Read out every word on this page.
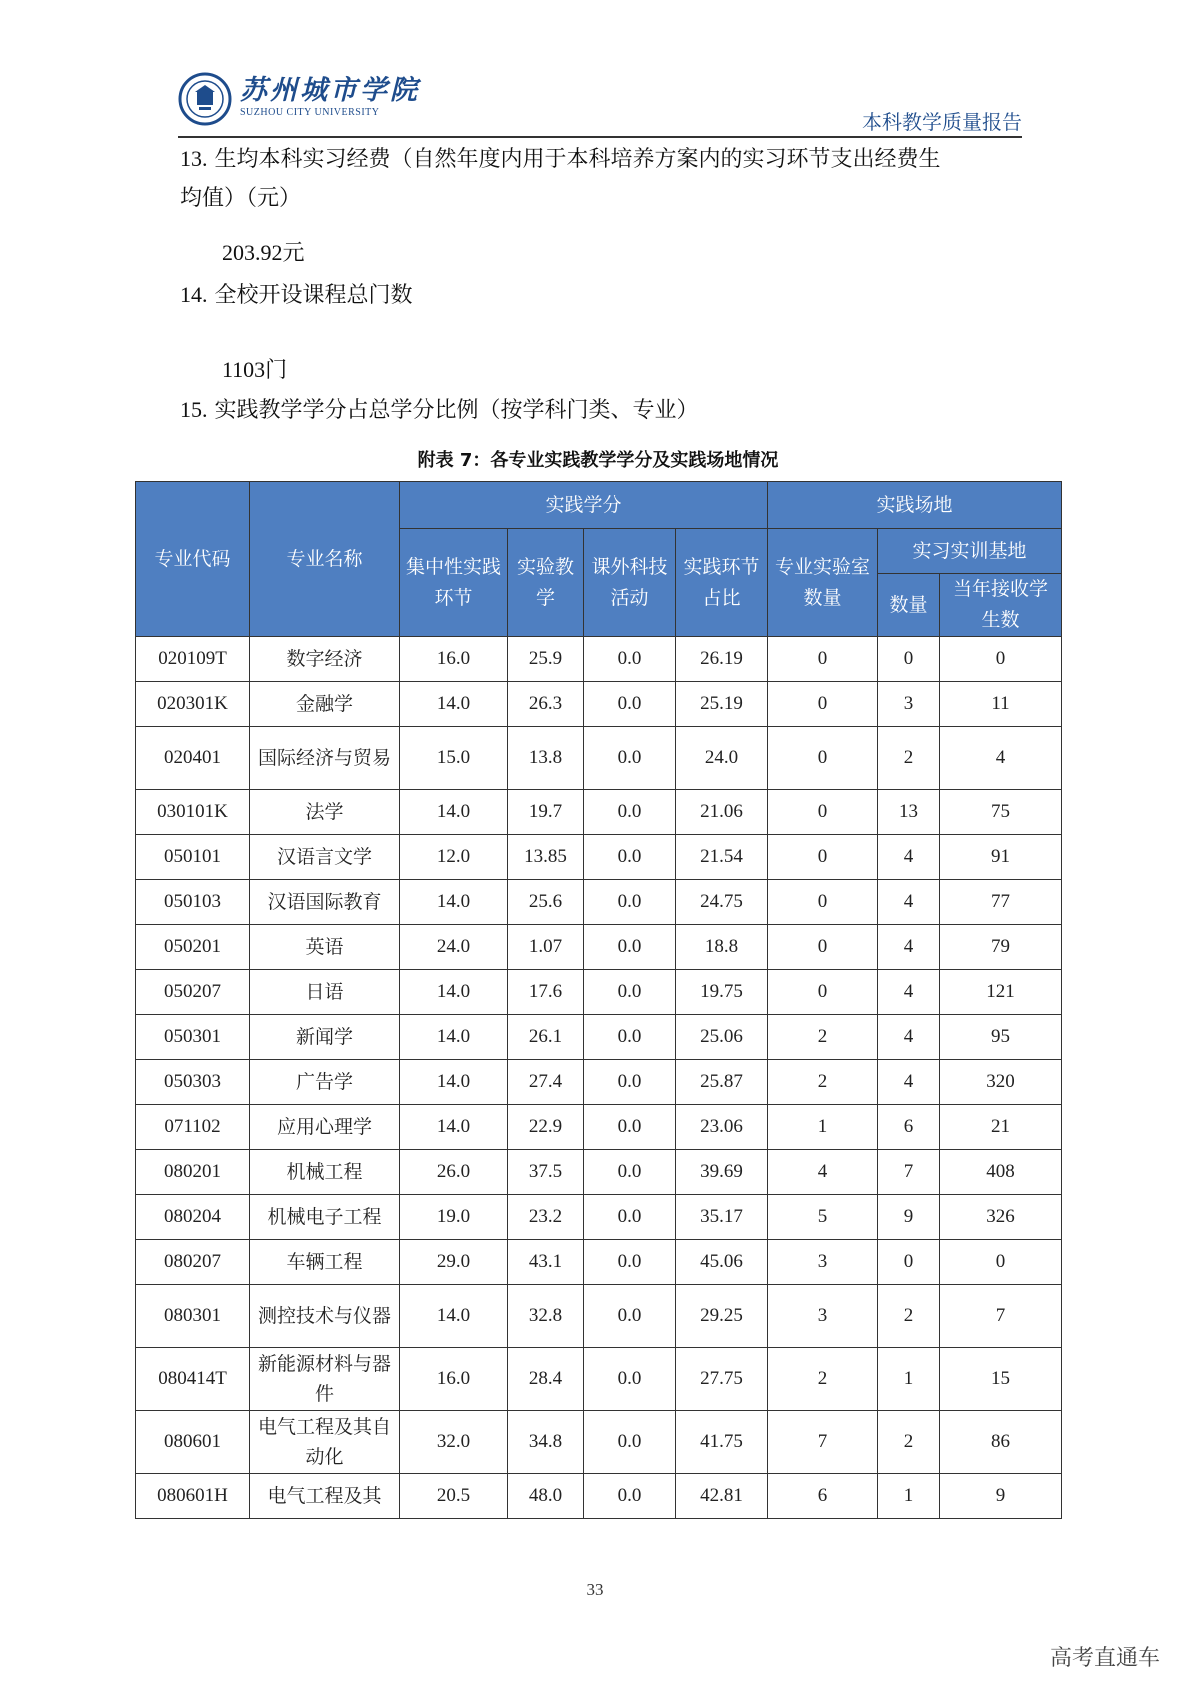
苏州城市学院
SUZHOU CITY UNIVERSITY	本科教学质量报告
13. 生均本科实习经费（自然年度内用于本科培养方案内的实习环节支出经费生
均值）（元）
203.92元
14. 全校开设课程总门数
1103门
15. 实践教学学分占总学分比例（按学科门类、专业）
附表 7：各专业实践教学学分及实践场地情况
专业代码	专业名称	实践学分				实践场地		
		集中性实践环节	实验教学	课外科技活动	实践环节占比	专业实验室数量	实习实训基地	
							数量	当年接收学生数
020109T	数字经济	16.0	25.9	0.0	26.19	0	0	0
020301K	金融学	14.0	26.3	0.0	25.19	0	3	11
020401	国际经济与贸易	15.0	13.8	0.0	24.0	0	2	4
030101K	法学	14.0	19.7	0.0	21.06	0	13	75
050101	汉语言文学	12.0	13.85	0.0	21.54	0	4	91
050103	汉语国际教育	14.0	25.6	0.0	24.75	0	4	77
050201	英语	24.0	1.07	0.0	18.8	0	4	79
050207	日语	14.0	17.6	0.0	19.75	0	4	121
050301	新闻学	14.0	26.1	0.0	25.06	2	4	95
050303	广告学	14.0	27.4	0.0	25.87	2	4	320
071102	应用心理学	14.0	22.9	0.0	23.06	1	6	21
080201	机械工程	26.0	37.5	0.0	39.69	4	7	408
080204	机械电子工程	19.0	23.2	0.0	35.17	5	9	326
080207	车辆工程	29.0	43.1	0.0	45.06	3	0	0
080301	测控技术与仪器	14.0	32.8	0.0	29.25	3	2	7
080414T	新能源材料与器件	16.0	28.4	0.0	27.75	2	1	15
080601	电气工程及其自动化	32.0	34.8	0.0	41.75	7	2	86
080601H	电气工程及其	20.5	48.0	0.0	42.81	6	1	9
33
高考直通车
